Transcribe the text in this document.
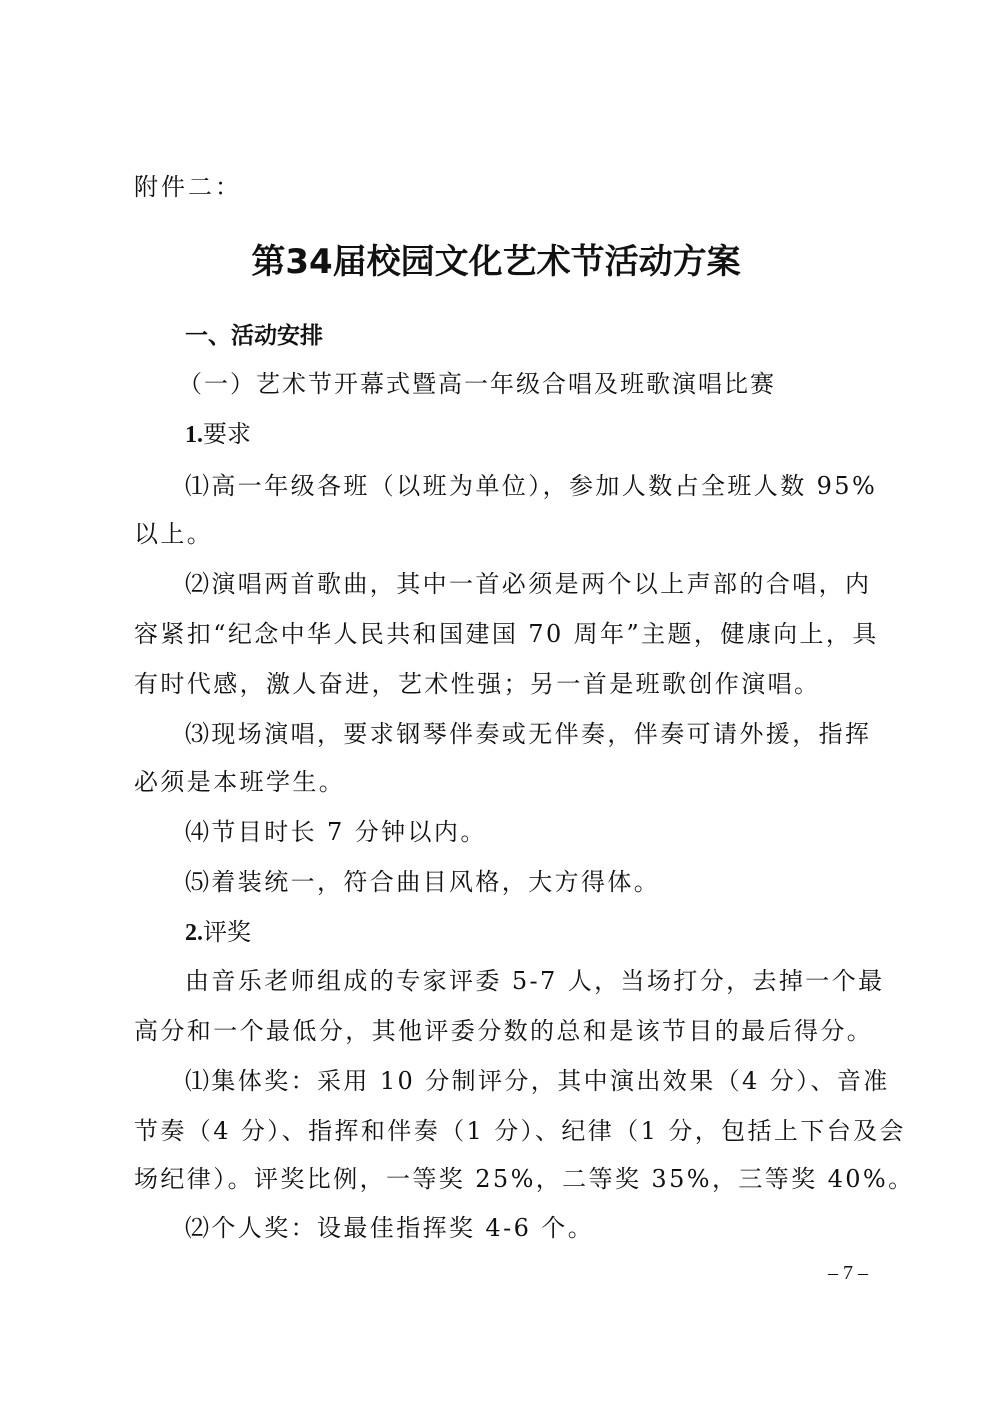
附件二：
第34届校园文化艺术节活动方案
一、活动安排
（一）艺术节开幕式暨高一年级合唱及班歌演唱比赛
1.要求
⑴高一年级各班（以班为单位），参加人数占全班人数 95%
以上。
⑵演唱两首歌曲，其中一首必须是两个以上声部的合唱，内
容紧扣“纪念中华人民共和国建国 70 周年”主题，健康向上，具
有时代感，激人奋进，艺术性强；另一首是班歌创作演唱。
⑶现场演唱，要求钢琴伴奏或无伴奏，伴奏可请外援，指挥
必须是本班学生。
⑷节目时长 7 分钟以内。
⑸着装统一，符合曲目风格，大方得体。
2.评奖
由音乐老师组成的专家评委 5-7 人，当场打分，去掉一个最
高分和一个最低分，其他评委分数的总和是该节目的最后得分。
⑴集体奖：采用 10 分制评分，其中演出效果（4 分）、音准
节奏（4 分）、指挥和伴奏（1 分）、纪律（1 分，包括上下台及会
场纪律）。评奖比例，一等奖 25%，二等奖 35%，三等奖 40%。
⑵个人奖：设最佳指挥奖 4-6 个。
– 7 –
